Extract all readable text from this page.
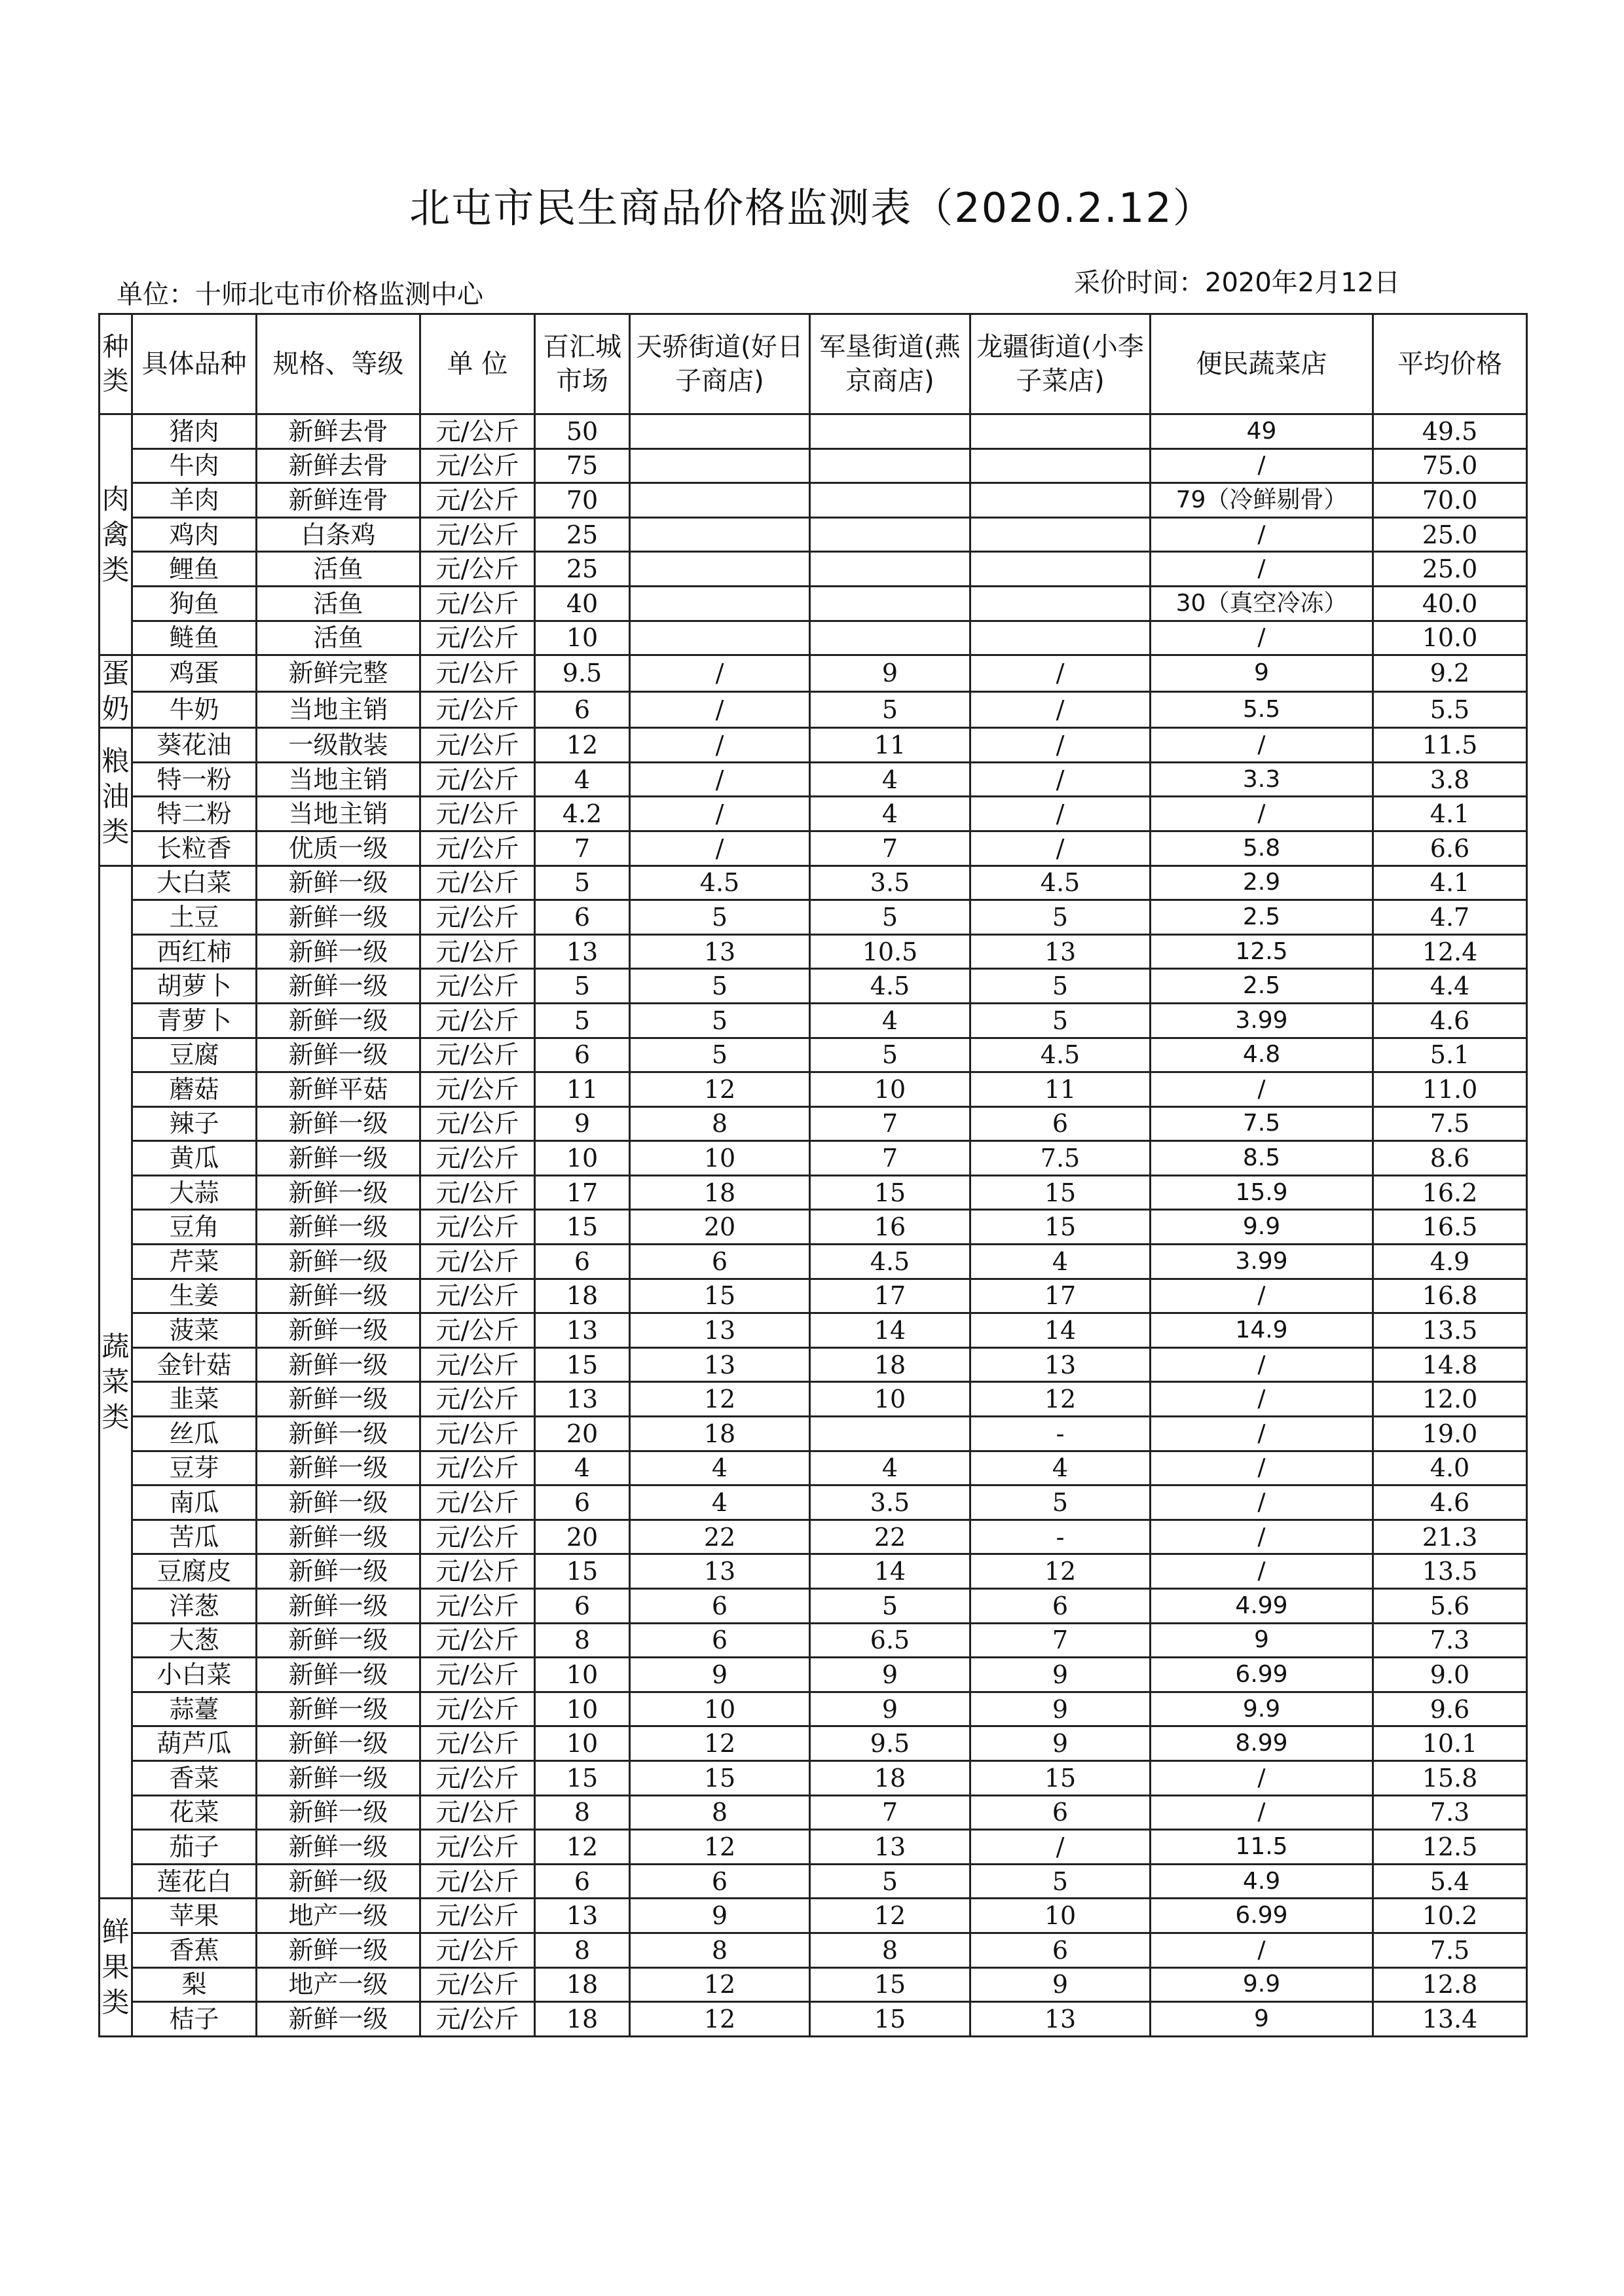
北屯市民生商品价格监测表（2020.2.12）
单位：十师北屯市价格监测中心	采价时间：2020年2月12日
种类	具体品种	规格、等级	单 位	百汇城市场	天骄街道(好日子商店)	军垦街道(燕京商店)	龙疆街道(小李子菜店)	便民蔬菜店	平均价格

肉禽类	猪肉	新鲜去骨	元/公斤	50				49	49.5
	牛肉	新鲜去骨	元/公斤	75				/	75.0
	羊肉	新鲜连骨	元/公斤	70				79（冷鲜剔骨）	70.0
	鸡肉	白条鸡	元/公斤	25				/	25.0
	鲤鱼	活鱼	元/公斤	25				/	25.0
	狗鱼	活鱼	元/公斤	40				30（真空冷冻）	40.0
	鲢鱼	活鱼	元/公斤	10				/	10.0

蛋奶	鸡蛋	新鲜完整	元/公斤	9.5	/	9	/	9	9.2
	牛奶	当地主销	元/公斤	6	/	5	/	5.5	5.5

粮油类	葵花油	一级散装	元/公斤	12	/	11	/	/	11.5
	特一粉	当地主销	元/公斤	4	/	4	/	3.3	3.8
	特二粉	当地主销	元/公斤	4.2	/	4	/	/	4.1
	长粒香	优质一级	元/公斤	7	/	7	/	5.8	6.6

蔬菜类	大白菜	新鲜一级	元/公斤	5	4.5	3.5	4.5	2.9	4.1
	土豆	新鲜一级	元/公斤	6	5	5	5	2.5	4.7
	西红柿	新鲜一级	元/公斤	13	13	10.5	13	12.5	12.4
	胡萝卜	新鲜一级	元/公斤	5	5	4.5	5	2.5	4.4
	青萝卜	新鲜一级	元/公斤	5	5	4	5	3.99	4.6
	豆腐	新鲜一级	元/公斤	6	5	5	4.5	4.8	5.1
	蘑菇	新鲜平菇	元/公斤	11	12	10	11	/	11.0
	辣子	新鲜一级	元/公斤	9	8	7	6	7.5	7.5
	黄瓜	新鲜一级	元/公斤	10	10	7	7.5	8.5	8.6
	大蒜	新鲜一级	元/公斤	17	18	15	15	15.9	16.2
	豆角	新鲜一级	元/公斤	15	20	16	15	9.9	16.5
	芹菜	新鲜一级	元/公斤	6	6	4.5	4	3.99	4.9
	生姜	新鲜一级	元/公斤	18	15	17	17	/	16.8
	菠菜	新鲜一级	元/公斤	13	13	14	14	14.9	13.5
	金针菇	新鲜一级	元/公斤	15	13	18	13	/	14.8
	韭菜	新鲜一级	元/公斤	13	12	10	12	/	12.0
	丝瓜	新鲜一级	元/公斤	20	18		-	/	19.0
	豆芽	新鲜一级	元/公斤	4	4	4	4	/	4.0
	南瓜	新鲜一级	元/公斤	6	4	3.5	5	/	4.6
	苦瓜	新鲜一级	元/公斤	20	22	22	-	/	21.3
	豆腐皮	新鲜一级	元/公斤	15	13	14	12	/	13.5
	洋葱	新鲜一级	元/公斤	6	6	5	6	4.99	5.6
	大葱	新鲜一级	元/公斤	8	6	6.5	7	9	7.3
	小白菜	新鲜一级	元/公斤	10	9	9	9	6.99	9.0
	蒜薹	新鲜一级	元/公斤	10	10	9	9	9.9	9.6
	葫芦瓜	新鲜一级	元/公斤	10	12	9.5	9	8.99	10.1
	香菜	新鲜一级	元/公斤	15	15	18	15	/	15.8
	花菜	新鲜一级	元/公斤	8	8	7	6	/	7.3
	茄子	新鲜一级	元/公斤	12	12	13	/	11.5	12.5
	莲花白	新鲜一级	元/公斤	6	6	5	5	4.9	5.4

鲜果类	苹果	地产一级	元/公斤	13	9	12	10	6.99	10.2
	香蕉	新鲜一级	元/公斤	8	8	8	6	/	7.5
	梨	地产一级	元/公斤	18	12	15	9	9.9	12.8
	桔子	新鲜一级	元/公斤	18	12	15	13	9	13.4
